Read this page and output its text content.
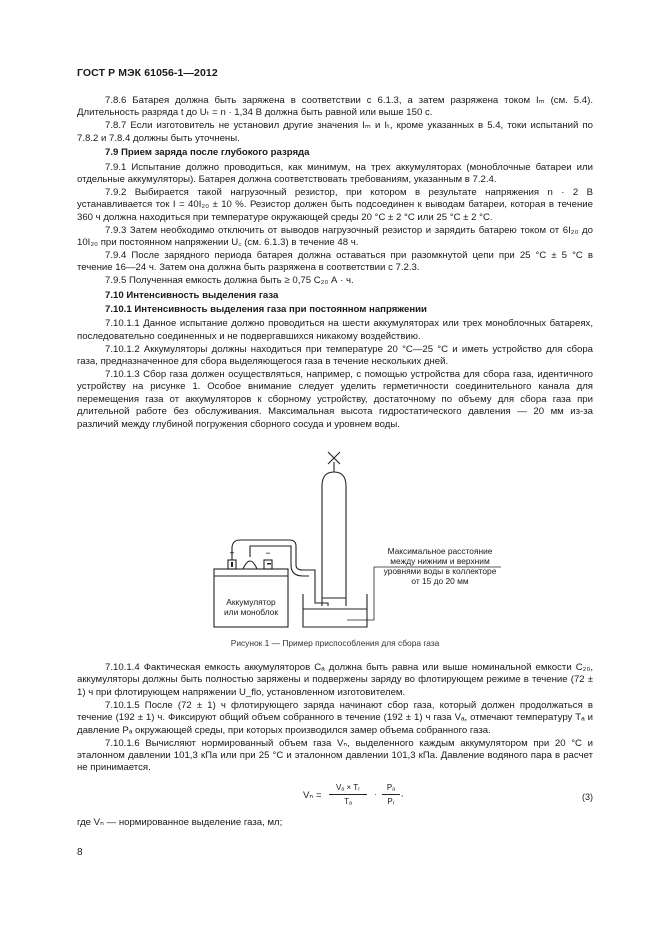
ГОСТ Р МЭК 61056-1—2012

7.8.6 Батарея должна быть заряжена в соответствии с 6.1.3, а затем разряжена током Iₘ (см. 5.4). Длительность разряда t до Uₜ = n · 1,34 В должна быть равной или выше 150 с.

7.8.7 Если изготовитель не установил другие значения Iₘ и Iₜ, кроме указанных в 5.4, токи испытаний по 7.8.2 и 7.8.4 должны быть уточнены.

7.9 Прием заряда после глубокого разряда

7.9.1 Испытание должно проводиться, как минимум, на трех аккумуляторах (моноблочные батареи или отдельные аккумуляторы). Батарея должна соответствовать требованиям, указанным в 7.2.4.

7.9.2 Выбирается такой нагрузочный резистор, при котором в результате напряжения n · 2 В устанавливается ток I = 40I₂₀ ± 10 %. Резистор должен быть подсоединен к выводам батареи, которая в течение 360 ч должна находиться при температуре окружающей среды 20 °С ± 2 °С или 25 °С ± 2 °С.

7.9.3 Затем необходимо отключить от выводов нагрузочный резистор и зарядить батарею током от 6I₂₀ до 10I₂₀ при постоянном напряжении U꜀ (см. 6.1.3) в течение 48 ч.

7.9.4 После зарядного периода батарея должна оставаться при разомкнутой цепи при 25 °С ± 5 °С в течение 16—24 ч. Затем она должна быть разряжена в соответствии с 7.2.3.

7.9.5 Полученная емкость должна быть ≥ 0,75 C₂₀ А · ч.

7.10 Интенсивность выделения газа

7.10.1 Интенсивность выделения газа при постоянном напряжении

7.10.1.1 Данное испытание должно проводиться на шести аккумуляторах или трех моноблочных батареях, последовательно соединенных и не подвергавшихся никакому воздействию.

7.10.1.2 Аккумуляторы должны находиться при температуре 20 °С—25 °С и иметь устройство для сбора газа, предназначенное для сбора выделяющегося газа в течение нескольких дней.

7.10.1.3 Сбор газа должен осуществляться, например, с помощью устройства для сбора газа, идентичного устройству на рисунке 1. Особое внимание следует уделить герметичности соединительного канала для перемещения газа от аккумуляторов к сборному устройству, достаточному по объему для сбора газа при длительной работе без обслуживания. Максимальная высота гидростатического давления — 20 мм из-за различий между глубиной погружения сборного сосуда и уровнем воды.

+	−
Аккумулятор
или моноблок
Максимальное расстояние
между нижним и верхним
уровнями воды в коллекторе
от 15 до 20 мм
Рисунок 1 — Пример приспособления для сбора газа

7.10.1.4 Фактическая емкость аккумуляторов Cₐ должна быть равна или выше номинальной емкости C₂₀, аккумуляторы должны быть полностью заряжены и подвержены заряду во флотирующем режиме в течение (72 ± 1) ч при флотирующем напряжении U_flo, установленном изготовителем.

7.10.1.5 После (72 ± 1) ч флотирующего заряда начинают сбор газа, который должен продолжаться в течение (192 ± 1) ч. Фиксируют общий объем собранного в течение (192 ± 1) ч газа Vₐ, отмечают температуру Tₐ и давление Pₐ окружающей среды, при которых производился замер объема собранного газа.

7.10.1.6 Вычисляют нормированный объем газа Vₙ, выделенного каждым аккумулятором при 20 °С и эталонном давлении 101,3 кПа или при 25 °С и эталонном давлении 101,3 кПа. Давление водяного пара в расчет не принимается.

Vₙ =
Vₐ × Tᵣ
Tₐ
·
Pₐ
Pᵣ
,	(3)

где Vₙ — нормированное выделение газа, мл;

8
